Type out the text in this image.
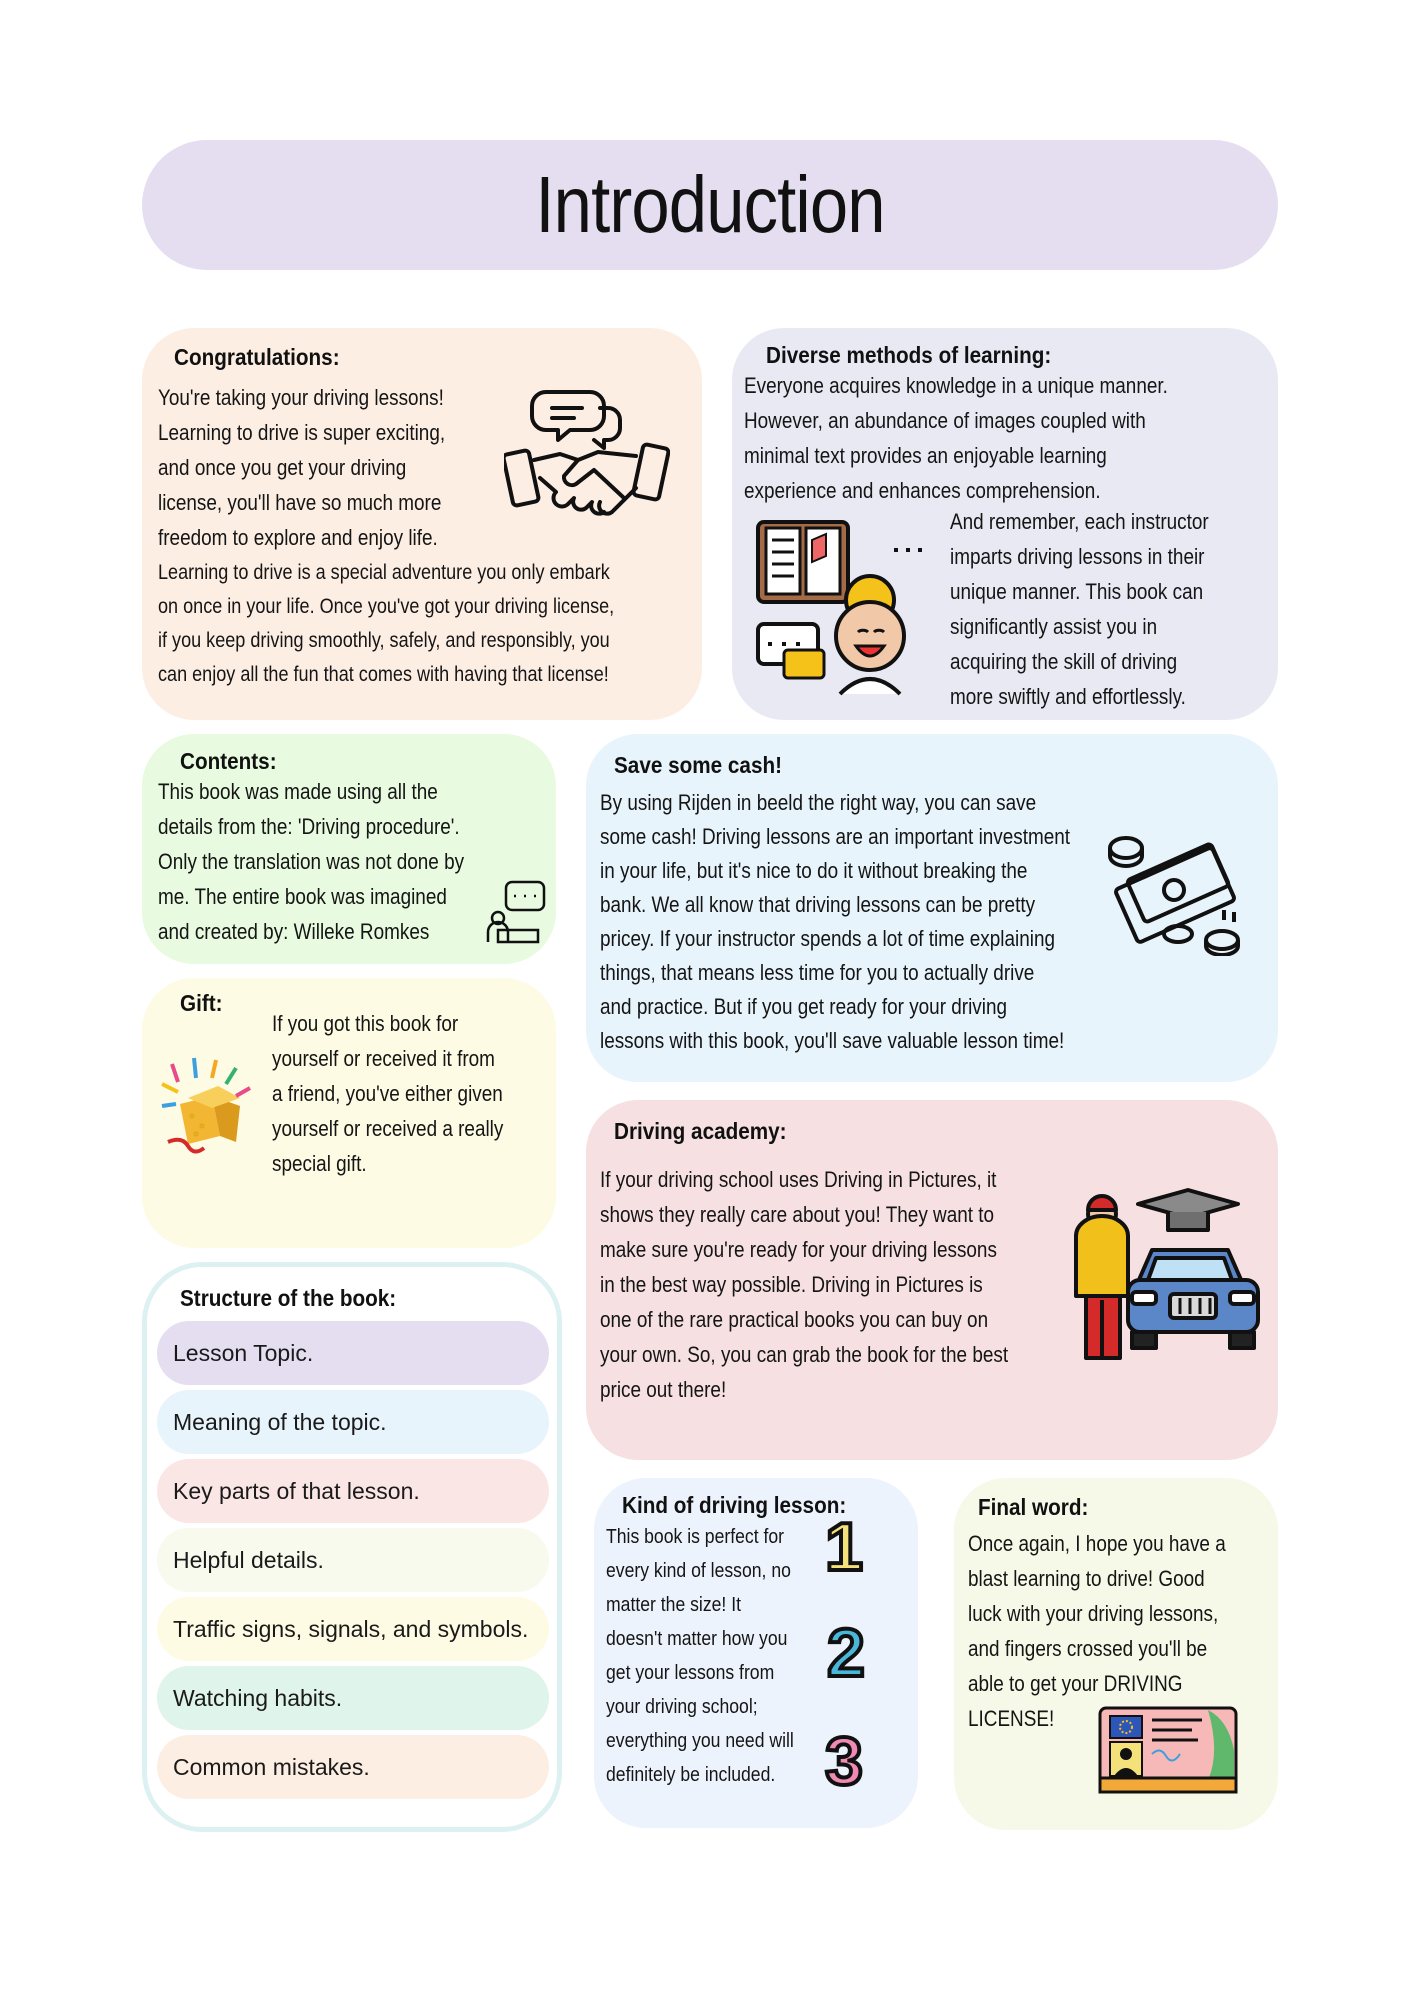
Introduction
Congratulations:

You're taking your driving lessons!

Learning to drive is super exciting,

and once you get your driving

license, you'll have so much more

freedom to explore and enjoy life.

Learning to drive is a special adventure you only embark

on once in your life. Once you've got your driving license,

if you keep driving smoothly, safely, and responsibly, you

can enjoy all the fun that comes with having that license!

Diverse methods of learning:

Everyone acquires knowledge in a unique manner.

However, an abundance of images coupled with

minimal text provides an enjoyable learning

experience and enhances comprehension.

And remember, each instructor

imparts driving lessons in their

unique manner. This book can

significantly assist you in

acquiring the skill of driving

more swiftly and effortlessly.

Contents:

This book was made using all the

details from the: 'Driving procedure'.

Only the translation was not done by

me. The entire book was imagined

and created by: Willeke Romkes

Save some cash!

By using Rijden in beeld the right way, you can save

some cash! Driving lessons are an important investment

in your life, but it's nice to do it without breaking the

bank. We all know that driving lessons can be pretty

pricey. If your instructor spends a lot of time explaining

things, that means less time for you to actually drive

and practice. But if you get ready for your driving

lessons with this book, you'll save valuable lesson time!

Gift:

If you got this book for

yourself or received it from

a friend, you've either given

yourself or received a really

special gift.

Driving academy:

If your driving school uses Driving in Pictures, it

shows they really care about you! They want to

make sure you're ready for your driving lessons

in the best way possible. Driving in Pictures is

one of the rare practical books you can buy on

your own. So, you can grab the book for the best

price out there!

Structure of the book:
Lesson Topic.
Meaning of the topic.
Key parts of that lesson.
Helpful details.
Traffic signs, signals, and symbols.
Watching habits.
Common mistakes.
Kind of driving lesson:

This book is perfect for

every kind of lesson, no

matter the size! It

doesn't matter how you

get your lessons from

your driving school;

everything you need will

definitely be included.

1
2
3
Final word:

Once again, I hope you have a

blast learning to drive! Good

luck with your driving lessons,

and fingers crossed you'll be

able to get your DRIVING

LICENSE!
